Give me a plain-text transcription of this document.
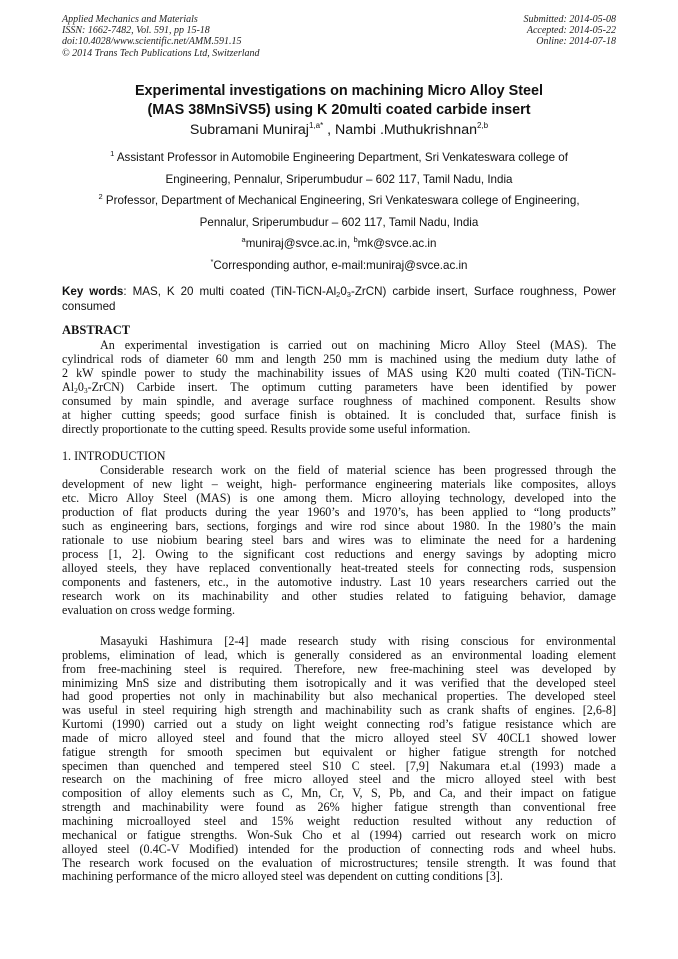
Applied Mechanics and Materials
ISSN: 1662-7482, Vol. 591, pp 15-18
doi:10.4028/www.scientific.net/AMM.591.15
© 2014 Trans Tech Publications Ltd, Switzerland
Submitted: 2014-05-08
Accepted: 2014-05-22
Online: 2014-07-18
Experimental investigations on machining Micro Alloy Steel
(MAS 38MnSiVS5) using K 20multi coated carbide insert
Subramani Muniraj$^{1,a*}$ , Nambi .Muthukrishnan$^{2,b}$
$^1$ Assistant Professor in Automobile Engineering Department, Sri Venkateswara college of
Engineering, Pennalur, Sriperumbudur – 602 117, Tamil Nadu, India
$^2$ Professor, Department of Mechanical Engineering, Sri Venkateswara college of Engineering,
Pennalur, Sriperumbudur – 602 117, Tamil Nadu, India
$^a$muniraj@svce.ac.in, $^b$mk@svce.ac.in
*Corresponding author, e-mail:muniraj@svce.ac.in
Key words: MAS, K 20 multi coated $(TiN-TiCN-Al_20_3-ZrCN)$ carbide insert, Surface roughness, Power consumed
ABSTRACT
An experimental investigation is carried out on machining Micro Alloy Steel (MAS). The
cylindrical rods of diameter 60 mm and length 250 mm is machined using the medium duty lathe of
2 kW spindle power to study the machinability issues of MAS using K20 multi coated (TiN-TiCN-
$Al_20_3-ZrCN$) Carbide insert. The optimum cutting parameters have been identified by power
consumed by main spindle, and average surface roughness of machined component. Results show
at higher cutting speeds; good surface finish is obtained. It is concluded that, surface finish is
directly proportionate to the cutting speed. Results provide some useful information.
1. INTRODUCTION
Considerable research work on the field of material science has been progressed through the
development of new light – weight, high- performance engineering materials like composites, alloys
etc. Micro Alloy Steel (MAS) is one among them. Micro alloying technology, developed into the
production of flat products during the year 1960’s and 1970’s, has been applied to “long products”
such as engineering bars, sections, forgings and wire rod since about 1980. In the 1980’s the main
rationale to use niobium bearing steel bars and wires was to eliminate the need for a hardening
process [1, 2]. Owing to the significant cost reductions and energy savings by adopting micro
alloyed steels, they have replaced conventionally heat-treated steels for connecting rods, suspension
components and fasteners, etc., in the automotive industry. Last 10 years researchers carried out the
research work on its machinability and other studies related to fatiguing behavior, damage
evaluation on cross wedge forming.
Masayuki Hashimura [2-4] made research study with rising conscious for environmental
problems, elimination of lead, which is generally considered as an environmental loading element
from free-machining steel is required. Therefore, new free-machining steel was developed by
minimizing MnS size and distributing them isotropically and it was verified that the developed steel
had good properties not only in machinability but also mechanical properties. The developed steel
was useful in steel requiring high strength and machinability such as crank shafts of engines. [2,6-8]
Kurtomi (1990) carried out a study on light weight connecting rod’s fatigue resistance which are
made of micro alloyed steel and found that the micro alloyed steel SV 40CL1 showed lower
fatigue strength for smooth specimen but equivalent or higher fatigue strength for notched
specimen than quenched and tempered steel S10 C steel. [7,9] Nakumara et.al (1993) made a
research on the machining of free micro alloyed steel and the micro alloyed steel with best
composition of alloy elements such as C, Mn, Cr, V, S, Pb, and Ca, and their impact on fatigue
strength and machinability were found as 26% higher fatigue strength than conventional free
machining microalloyed steel and 15% weight reduction resulted without any reduction of
mechanical or fatigue strengths. Won-Suk Cho et al (1994) carried out research work on micro
alloyed steel (0.4C-V Modified) intended for the production of connecting rods and wheel hubs.
The research work focused on the evaluation of microstructures; tensile strength. It was found that
machining performance of the micro alloyed steel was dependent on cutting conditions [3].
